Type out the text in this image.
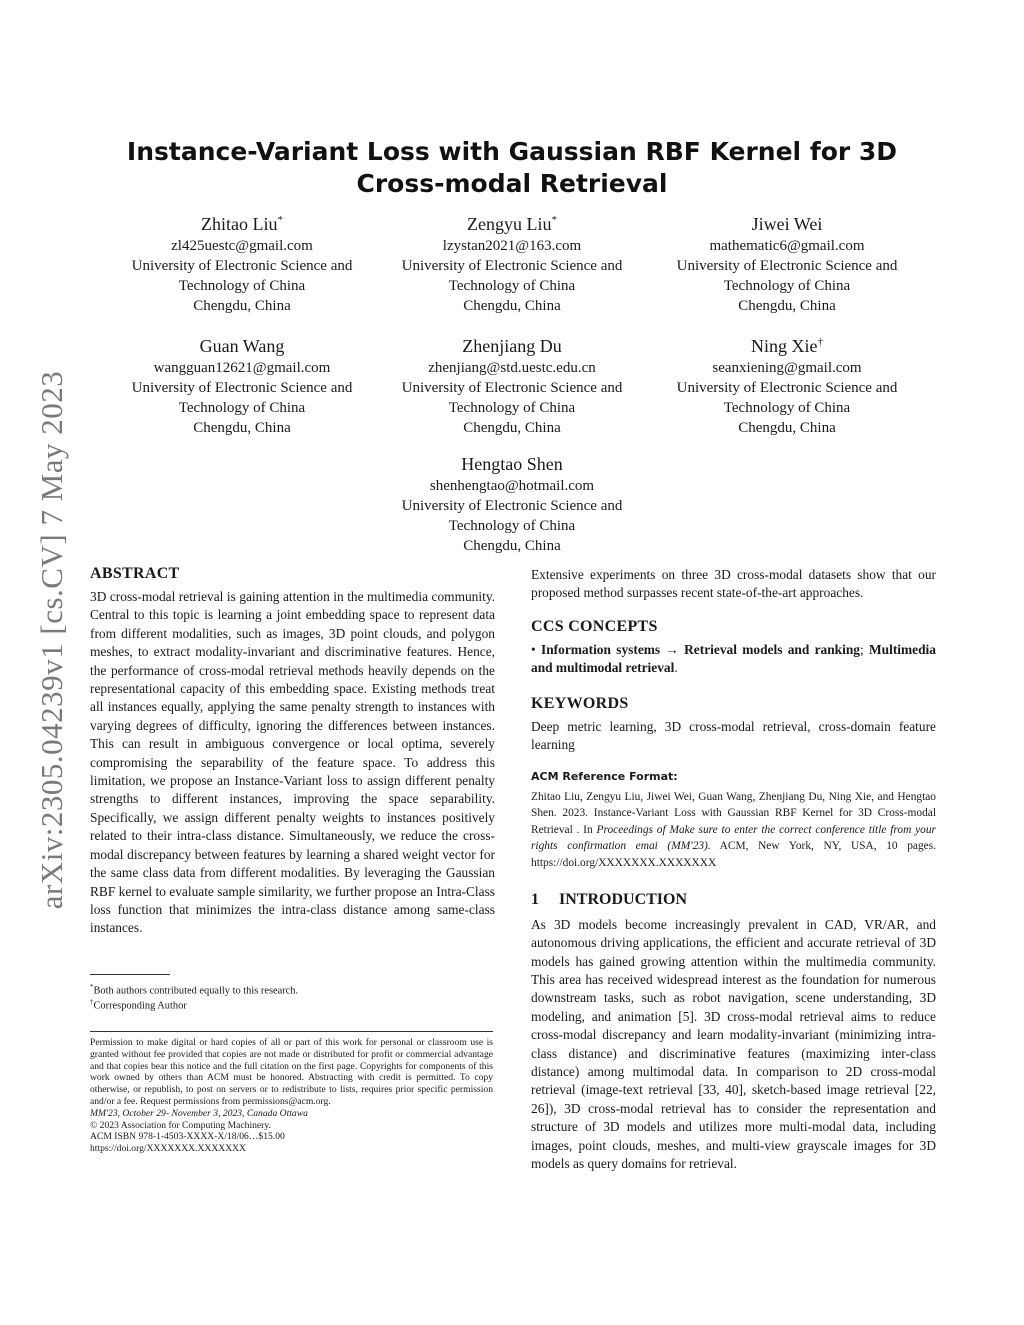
arXiv:2305.04239v1 [cs.CV] 7 May 2023
Instance-Variant Loss with Gaussian RBF Kernel for 3D
Cross-modal Retrieval
Zhitao Liu*
zl425uestc@gmail.com
University of Electronic Science and
Technology of China
Chengdu, China
Zengyu Liu*
lzystan2021@163.com
University of Electronic Science and
Technology of China
Chengdu, China
Jiwei Wei
mathematic6@gmail.com
University of Electronic Science and
Technology of China
Chengdu, China
Guan Wang
wangguan12621@gmail.com
University of Electronic Science and
Technology of China
Chengdu, China
Zhenjiang Du
zhenjiang@std.uestc.edu.cn
University of Electronic Science and
Technology of China
Chengdu, China
Ning Xie†
seanxiening@gmail.com
University of Electronic Science and
Technology of China
Chengdu, China
Hengtao Shen
shenhengtao@hotmail.com
University of Electronic Science and
Technology of China
Chengdu, China
ABSTRACT

3D cross-modal retrieval is gaining attention in the multimedia community. Central to this topic is learning a joint embedding space to represent data from different modalities, such as images, 3D point clouds, and polygon meshes, to extract modality-invariant and discriminative features. Hence, the performance of cross-modal retrieval methods heavily depends on the representational capacity of this embedding space. Existing methods treat all instances equally, applying the same penalty strength to instances with varying degrees of difficulty, ignoring the differences between instances. This can result in ambiguous convergence or local optima, severely compromising the separability of the feature space. To address this limitation, we propose an Instance-Variant loss to assign different penalty strengths to different instances, improving the space separability. Specifically, we assign different penalty weights to instances positively related to their intra-class distance. Simultaneously, we reduce the cross-modal discrepancy between features by learning a shared weight vector for the same class data from different modalities. By leveraging the Gaussian RBF kernel to evaluate sample similarity, we further propose an Intra-Class loss function that minimizes the intra-class distance among same-class instances.

*Both authors contributed equally to this research.
†Corresponding Author

Permission to make digital or hard copies of all or part of this work for personal or classroom use is granted without fee provided that copies are not made or distributed for profit or commercial advantage and that copies bear this notice and the full citation on the first page. Copyrights for components of this work owned by others than ACM must be honored. Abstracting with credit is permitted. To copy otherwise, or republish, to post on servers or to redistribute to lists, requires prior specific permission and/or a fee. Request permissions from permissions@acm.org.

MM'23, October 29- November 3, 2023, Canada Ottawa

© 2023 Association for Computing Machinery.

ACM ISBN 978-1-4503-XXXX-X/18/06…$15.00

https://doi.org/XXXXXXX.XXXXXXX

Extensive experiments on three 3D cross-modal datasets show that our proposed method surpasses recent state-of-the-art approaches.

CCS CONCEPTS

• Information systems → Retrieval models and ranking; Multimedia and multimodal retrieval.

KEYWORDS

Deep metric learning, 3D cross-modal retrieval, cross-domain feature learning

ACM Reference Format:

Zhitao Liu, Zengyu Liu, Jiwei Wei, Guan Wang, Zhenjiang Du, Ning Xie, and Hengtao Shen. 2023. Instance-Variant Loss with Gaussian RBF Kernel for 3D Cross-modal Retrieval . In Proceedings of Make sure to enter the correct conference title from your rights confirmation emai (MM'23). ACM, New York, NY, USA, 10 pages. https://doi.org/XXXXXXX.XXXXXXX

1 INTRODUCTION

As 3D models become increasingly prevalent in CAD, VR/AR, and autonomous driving applications, the efficient and accurate retrieval of 3D models has gained growing attention within the multimedia community. This area has received widespread interest as the foundation for numerous downstream tasks, such as robot navigation, scene understanding, 3D modeling, and animation [5]. 3D cross-modal retrieval aims to reduce cross-modal discrepancy and learn modality-invariant (minimizing intra-class distance) and discriminative features (maximizing inter-class distance) among multimodal data. In comparison to 2D cross-modal retrieval (image-text retrieval [33, 40], sketch-based image retrieval [22, 26]), 3D cross-modal retrieval has to consider the representation and structure of 3D models and utilizes more multi-modal data, including images, point clouds, meshes, and multi-view grayscale images for 3D models as query domains for retrieval.
